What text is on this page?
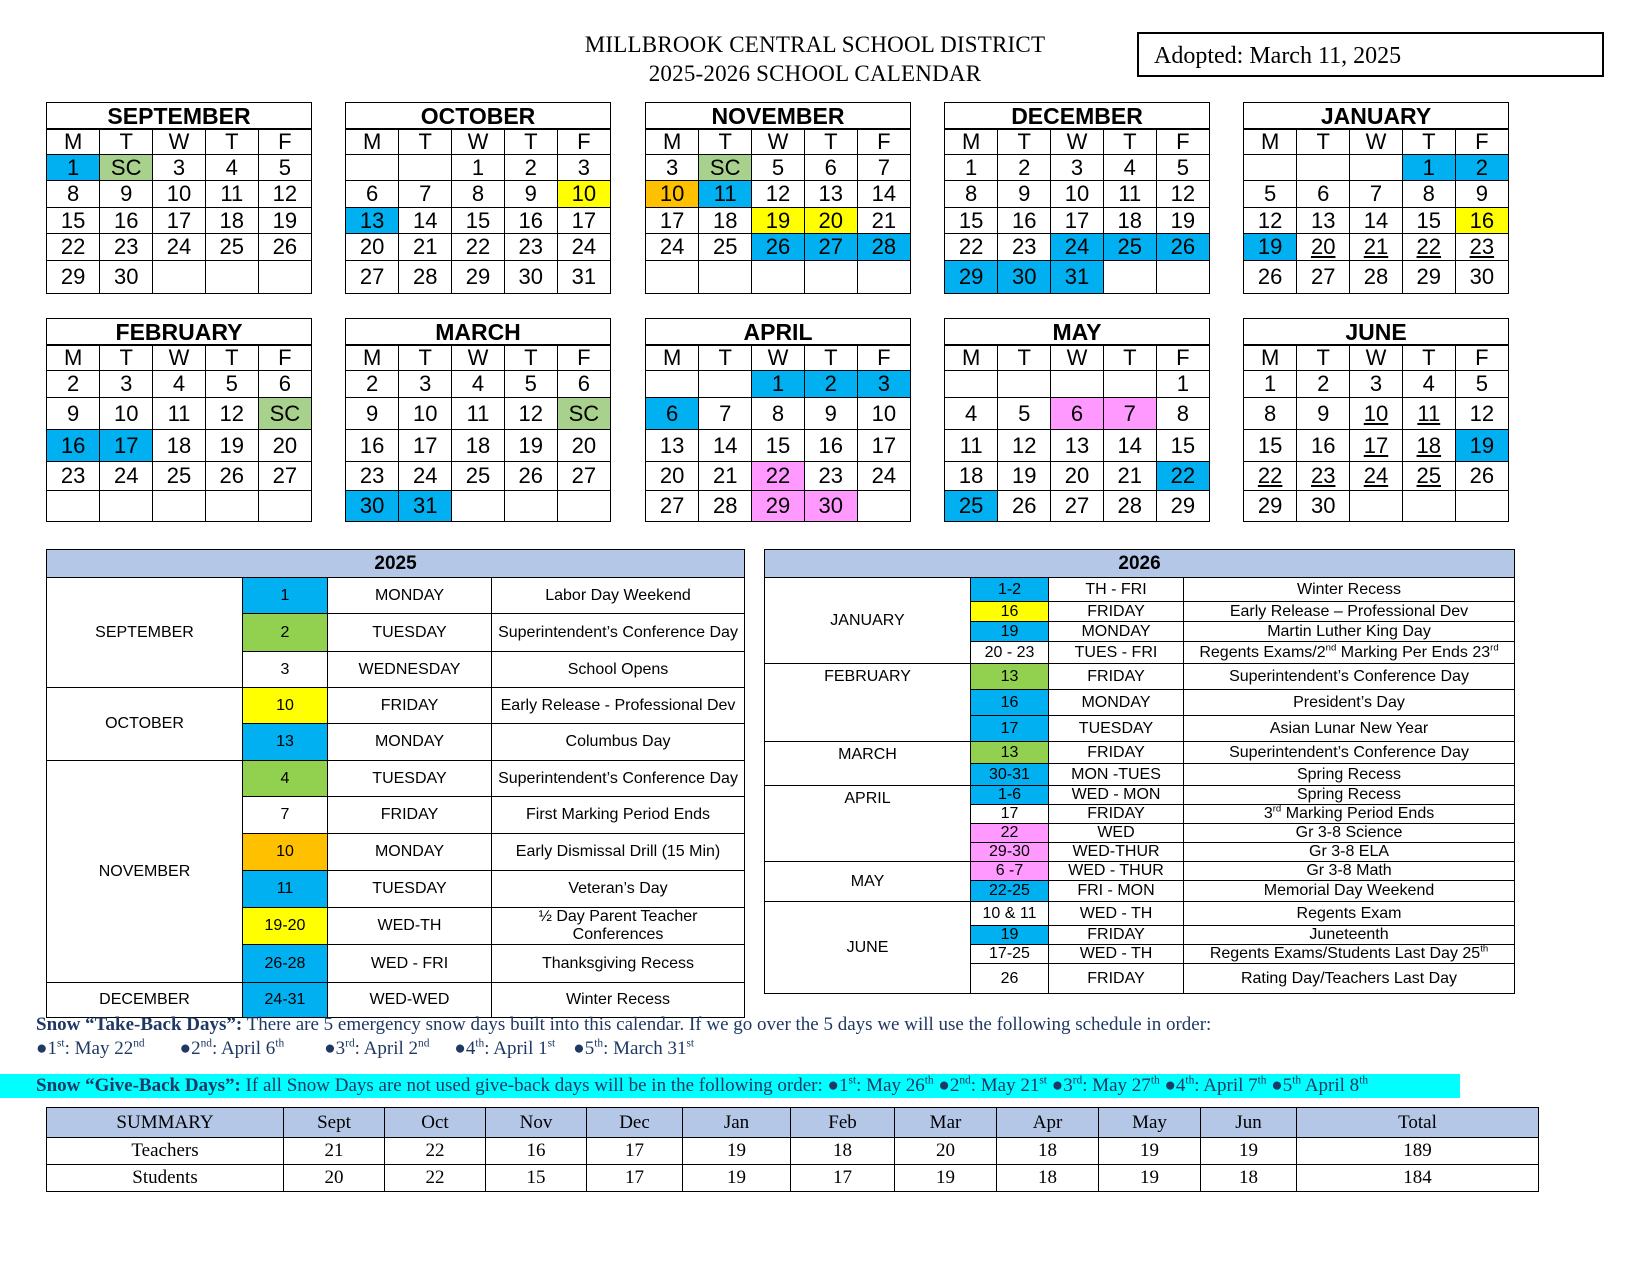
MILLBROOK CENTRAL SCHOOL DISTRICT
2025-2026 SCHOOL CALENDAR
Adopted: March 11, 2025
SEPTEMBER
M	T	W	T	F
1	SC	3	4	5
8	9	10	11	12
15	16	17	18	19
22	23	24	25	26
29	30			
OCTOBER
M	T	W	T	F
		1	2	3
6	7	8	9	10
13	14	15	16	17
20	21	22	23	24
27	28	29	30	31
NOVEMBER
M	T	W	T	F
3	SC	5	6	7
10	11	12	13	14
17	18	19	20	21
24	25	26	27	28

DECEMBER
M	T	W	T	F
1	2	3	4	5
8	9	10	11	12
15	16	17	18	19
22	23	24	25	26
29	30	31		
JANUARY
M	T	W	T	F
			1	2
5	6	7	8	9
12	13	14	15	16
19	20	21	22	23
26	27	28	29	30
FEBRUARY
M	T	W	T	F
2	3	4	5	6
9	10	11	12	SC
16	17	18	19	20
23	24	25	26	27

MARCH
M	T	W	T	F
2	3	4	5	6
9	10	11	12	SC
16	17	18	19	20
23	24	25	26	27
30	31			
APRIL
M	T	W	T	F
		1	2	3
6	7	8	9	10
13	14	15	16	17
20	21	22	23	24
27	28	29	30	
MAY
M	T	W	T	F
				1
4	5	6	7	8
11	12	13	14	15
18	19	20	21	22
25	26	27	28	29
JUNE
M	T	W	T	F
1	2	3	4	5
8	9	10	11	12
15	16	17	18	19
22	23	24	25	26
29	30			
2025			

SEPTEMBER	1	MONDAY	Labor Day Weekend
	2	TUESDAY	Superintendent’s Conference Day
	3	WEDNESDAY	School Opens

OCTOBER	10	FRIDAY	Early Release - Professional Dev
	13	MONDAY	Columbus Day

NOVEMBER	4	TUESDAY	Superintendent’s Conference Day
	7	FRIDAY	First Marking Period Ends
	10	MONDAY	Early Dismissal Drill (15 Min)
	11	TUESDAY	Veteran’s Day
	19-20	WED-TH	½ Day Parent Teacher Conferences
	26-28	WED - FRI	Thanksgiving Recess

DECEMBER	24-31	WED-WED	Winter Recess
2026			

JANUARY	1-2	TH - FRI	Winter Recess
	16	FRIDAY	Early Release – Professional Dev
	19	MONDAY	Martin Luther King Day
	20 - 23	TUES - FRI	Regents Exams/2nd Marking Per Ends 23rd

FEBRUARY	13	FRIDAY	Superintendent’s Conference Day
	16	MONDAY	President’s Day
	17	TUESDAY	Asian Lunar New Year

MARCH	13	FRIDAY	Superintendent’s Conference Day
	30-31	MON -TUES	Spring Recess

APRIL	1-6	WED - MON	Spring Recess
	17	FRIDAY	3rd Marking Period Ends
	22	WED	Gr 3-8 Science
	29-30	WED-THUR	Gr 3-8 ELA

MAY	6 -7	WED - THUR	Gr 3-8 Math
	22-25	FRI - MON	Memorial Day Weekend

JUNE	10 & 11	WED - TH	Regents Exam
	19	FRIDAY	Juneteenth
	17-25	WED - TH	Regents Exams/Students Last Day 25th
	26	FRIDAY	Rating Day/Teachers Last Day
Snow “Take-Back Days”: There are 5 emergency snow days built into this calendar. If we go over the 5 days we will use the following schedule in order:
●1st: May 22nd ●2nd: April 6th ●3rd: April 2nd ●4th: April 1st ●5th: March 31st
Snow “Give-Back Days”: If all Snow Days are not used give-back days will be in the following order: ●1st: May 26th ●2nd: May 21st ●3rd: May 27th ●4th: April 7th ●5th April 8th
SUMMARY	Sept	Oct	Nov	Dec	Jan	Feb	Mar	Apr	May	Jun	Total
Teachers	21	22	16	17	19	18	20	18	19	19	189
Students	20	22	15	17	19	17	19	18	19	18	184
